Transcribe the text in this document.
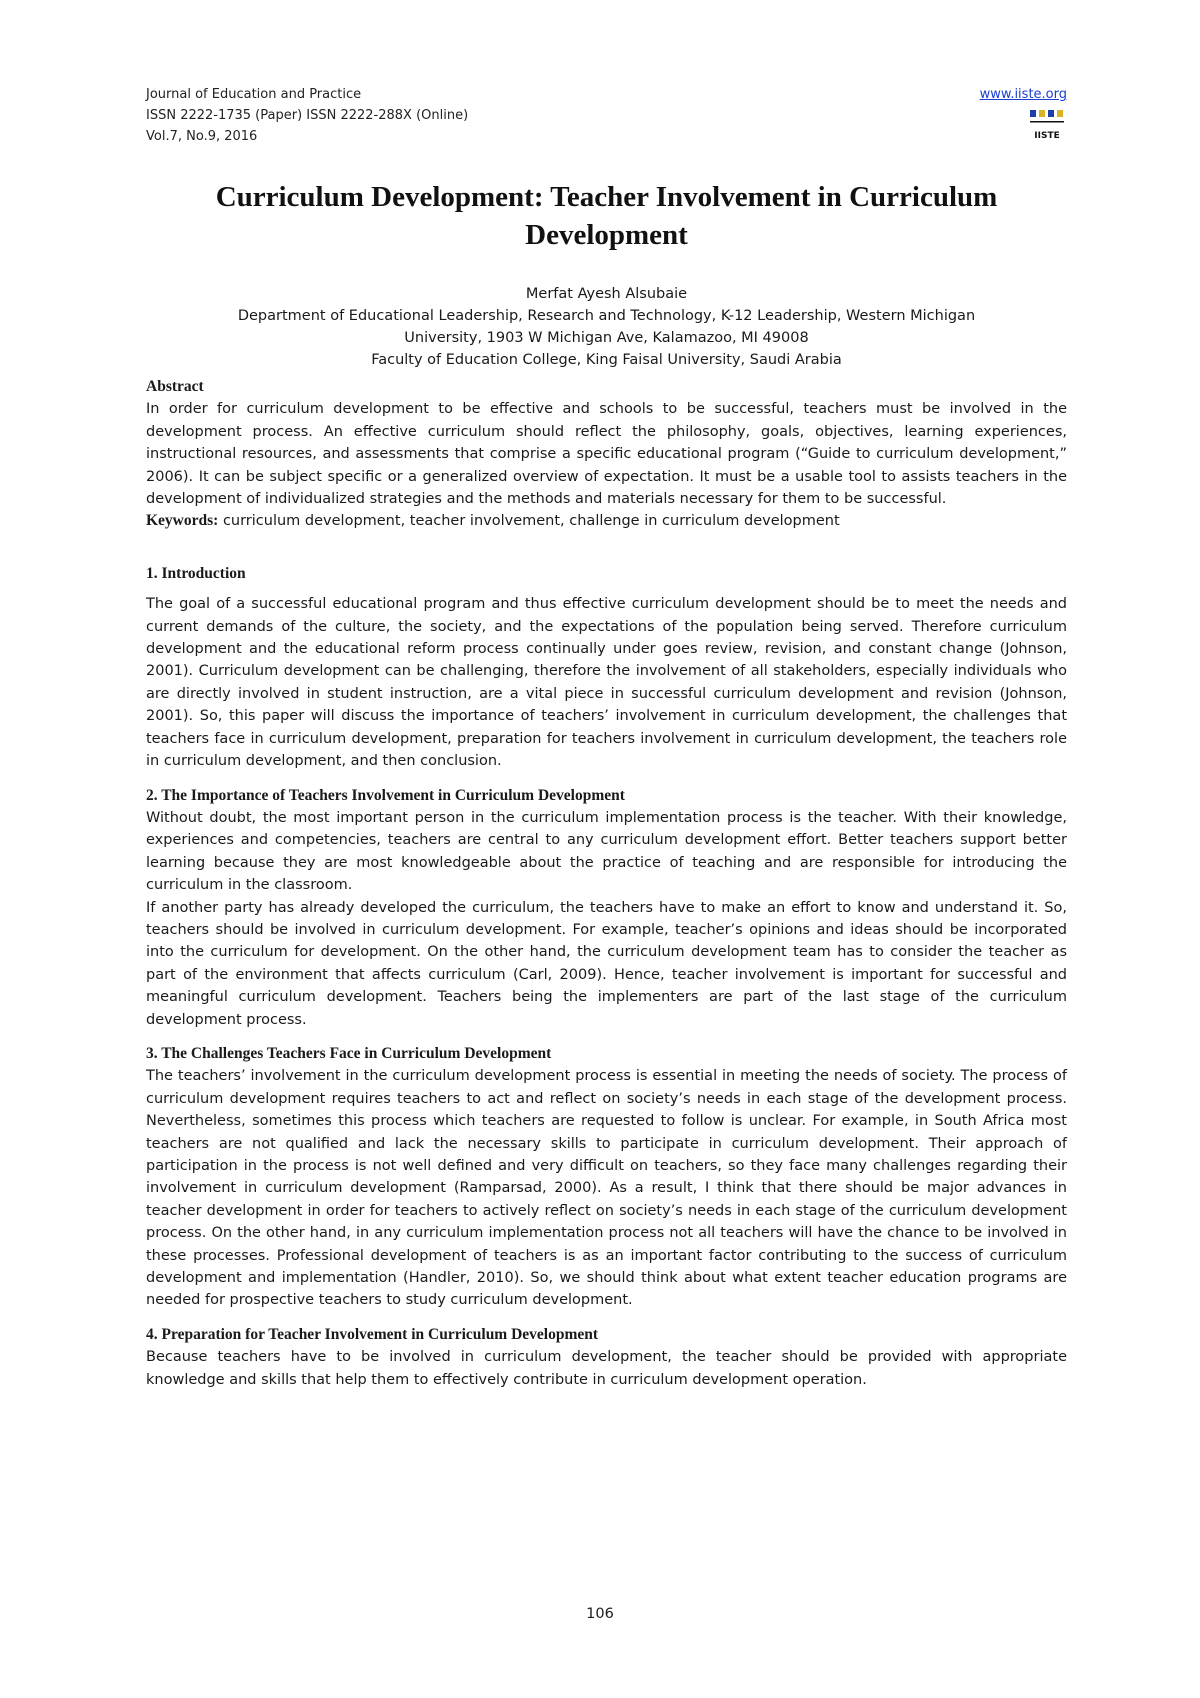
Journal of Education and Practice
ISSN 2222-1735 (Paper) ISSN 2222-288X (Online)
Vol.7, No.9, 2016
www.iiste.org
IISTE
Curriculum Development: Teacher Involvement in Curriculum
Development
Merfat Ayesh Alsubaie
Department of Educational Leadership, Research and Technology, K-12 Leadership, Western Michigan
University, 1903 W Michigan Ave, Kalamazoo, MI 49008
Faculty of Education College, King Faisal University, Saudi Arabia
Abstract

In order for curriculum development to be effective and schools to be successful, teachers must be involved in the development process. An effective curriculum should reflect the philosophy, goals, objectives, learning experiences, instructional resources, and assessments that comprise a specific educational program (“Guide to curriculum development,” 2006). It can be subject specific or a generalized overview of expectation. It must be a usable tool to assists teachers in the development of individualized strategies and the methods and materials necessary for them to be successful.

Keywords: curriculum development, teacher involvement, challenge in curriculum development

1. Introduction

The goal of a successful educational program and thus effective curriculum development should be to meet the needs and current demands of the culture, the society, and the expectations of the population being served. Therefore curriculum development and the educational reform process continually under goes review, revision, and constant change (Johnson, 2001). Curriculum development can be challenging, therefore the involvement of all stakeholders, especially individuals who are directly involved in student instruction, are a vital piece in successful curriculum development and revision (Johnson, 2001). So, this paper will discuss the importance of teachers’ involvement in curriculum development, the challenges that teachers face in curriculum development, preparation for teachers involvement in curriculum development, the teachers role in curriculum development, and then conclusion.

2. The Importance of Teachers Involvement in Curriculum Development

Without doubt, the most important person in the curriculum implementation process is the teacher. With their knowledge, experiences and competencies, teachers are central to any curriculum development effort. Better teachers support better learning because they are most knowledgeable about the practice of teaching and are responsible for introducing the curriculum in the classroom.

If another party has already developed the curriculum, the teachers have to make an effort to know and understand it. So, teachers should be involved in curriculum development. For example, teacher’s opinions and ideas should be incorporated into the curriculum for development. On the other hand, the curriculum development team has to consider the teacher as part of the environment that affects curriculum (Carl, 2009). Hence, teacher involvement is important for successful and meaningful curriculum development. Teachers being the implementers are part of the last stage of the curriculum development process.

3. The Challenges Teachers Face in Curriculum Development

The teachers’ involvement in the curriculum development process is essential in meeting the needs of society. The process of curriculum development requires teachers to act and reflect on society’s needs in each stage of the development process. Nevertheless, sometimes this process which teachers are requested to follow is unclear. For example, in South Africa most teachers are not qualified and lack the necessary skills to participate in curriculum development. Their approach of participation in the process is not well defined and very difficult on teachers, so they face many challenges regarding their involvement in curriculum development (Ramparsad, 2000). As a result, I think that there should be major advances in teacher development in order for teachers to actively reflect on society’s needs in each stage of the curriculum development process. On the other hand, in any curriculum implementation process not all teachers will have the chance to be involved in these processes. Professional development of teachers is as an important factor contributing to the success of curriculum development and implementation (Handler, 2010). So, we should think about what extent teacher education programs are needed for prospective teachers to study curriculum development.

4. Preparation for Teacher Involvement in Curriculum Development

Because teachers have to be involved in curriculum development, the teacher should be provided with appropriate knowledge and skills that help them to effectively contribute in curriculum development operation.

106
